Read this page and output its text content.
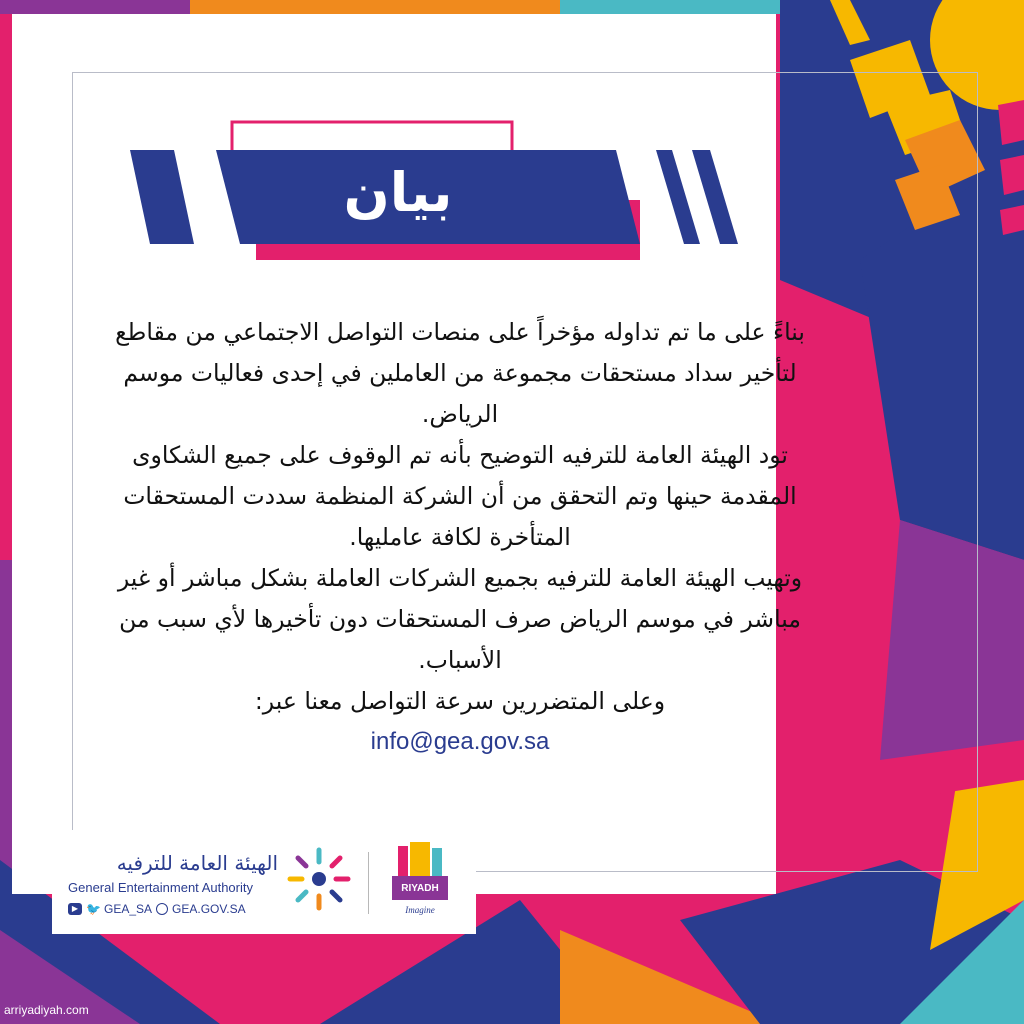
بيان

بناءً على ما تم تداوله مؤخراً على منصات التواصل الاجتماعي من مقاطع لتأخير سداد مستحقات مجموعة من العاملين في إحدى فعاليات موسم الرياض.

تود الهيئة العامة للترفيه التوضيح بأنه تم الوقوف على جميع الشكاوى المقدمة حينها وتم التحقق من أن الشركة المنظمة سددت المستحقات المتأخرة لكافة عامليها.

وتهيب الهيئة العامة للترفيه بجميع الشركات العاملة بشكل مباشر أو غير مباشر في موسم الرياض صرف المستحقات دون تأخيرها لأي سبب من الأسباب.

وعلى المتضررين سرعة التواصل معنا عبر:

info@gea.gov.sa
الهيئة العامة للترفيه
General Entertainment Authority
▶ 🐦 GEA_SA GEA.GOV.SA
RIYADH
Imagine
arriyadiyah.com
